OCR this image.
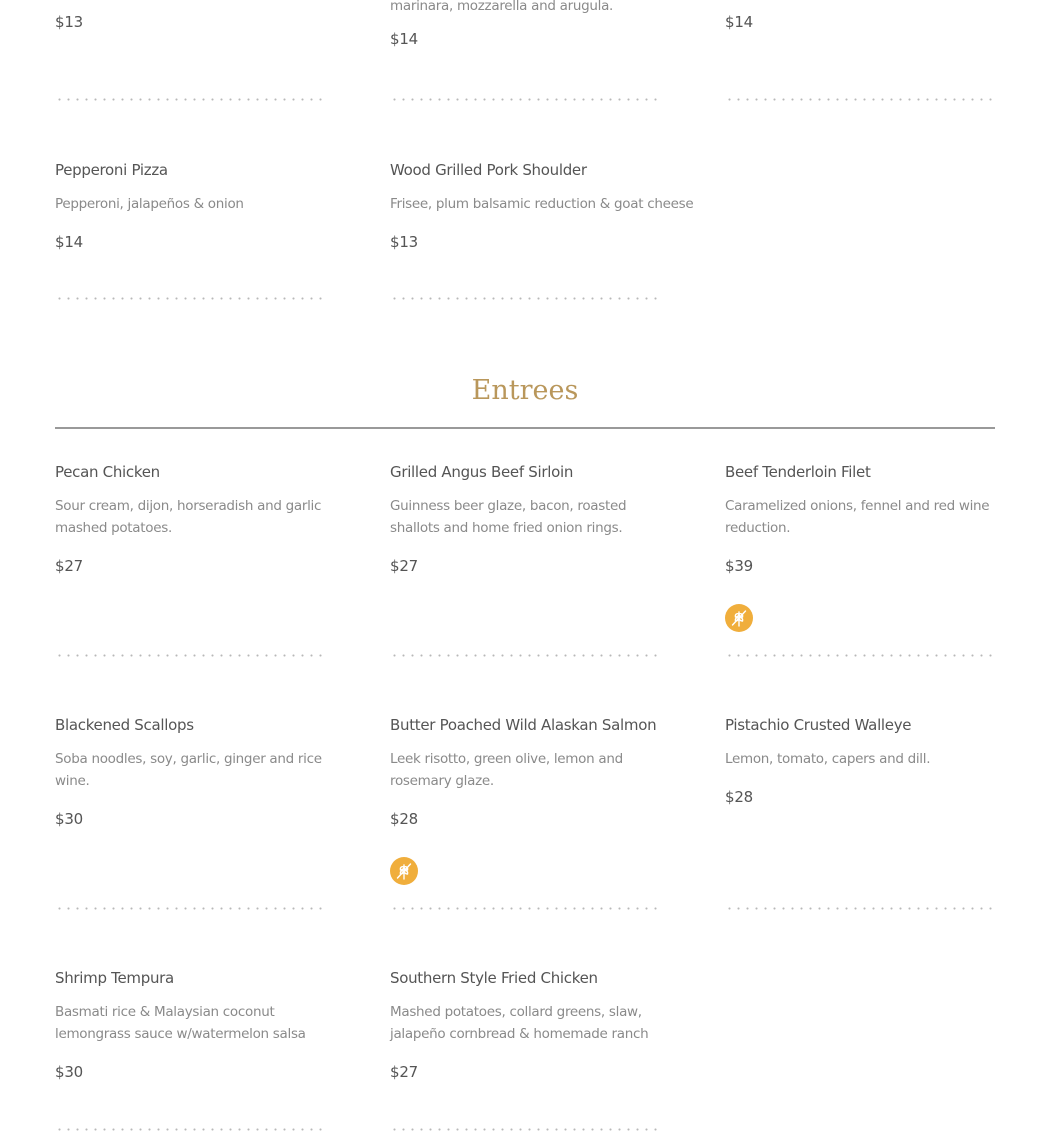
$13
marinara, mozzarella and arugula.
$14
$14
Pepperoni Pizza
Pepperoni, jalapeños & onion
$14
Wood Grilled Pork Shoulder
Frisee, plum balsamic reduction & goat cheese
$13
Entrees
Pecan Chicken
Sour cream, dijon, horseradish and garlic mashed potatoes.
$27
Grilled Angus Beef Sirloin
Guinness beer glaze, bacon, roasted shallots and home fried onion rings.
$27
Beef Tenderloin Filet
Caramelized onions, fennel and red wine reduction.
$39
Blackened Scallops
Soba noodles, soy, garlic, ginger and rice wine.
$30
Butter Poached Wild Alaskan Salmon
Leek risotto, green olive, lemon and rosemary glaze.
$28
Pistachio Crusted Walleye
Lemon, tomato, capers and dill.
$28
Shrimp Tempura
Basmati rice & Malaysian coconut lemongrass sauce w/watermelon salsa
$30
Southern Style Fried Chicken
Mashed potatoes, collard greens, slaw, jalapeño cornbread & homemade ranch
$27
